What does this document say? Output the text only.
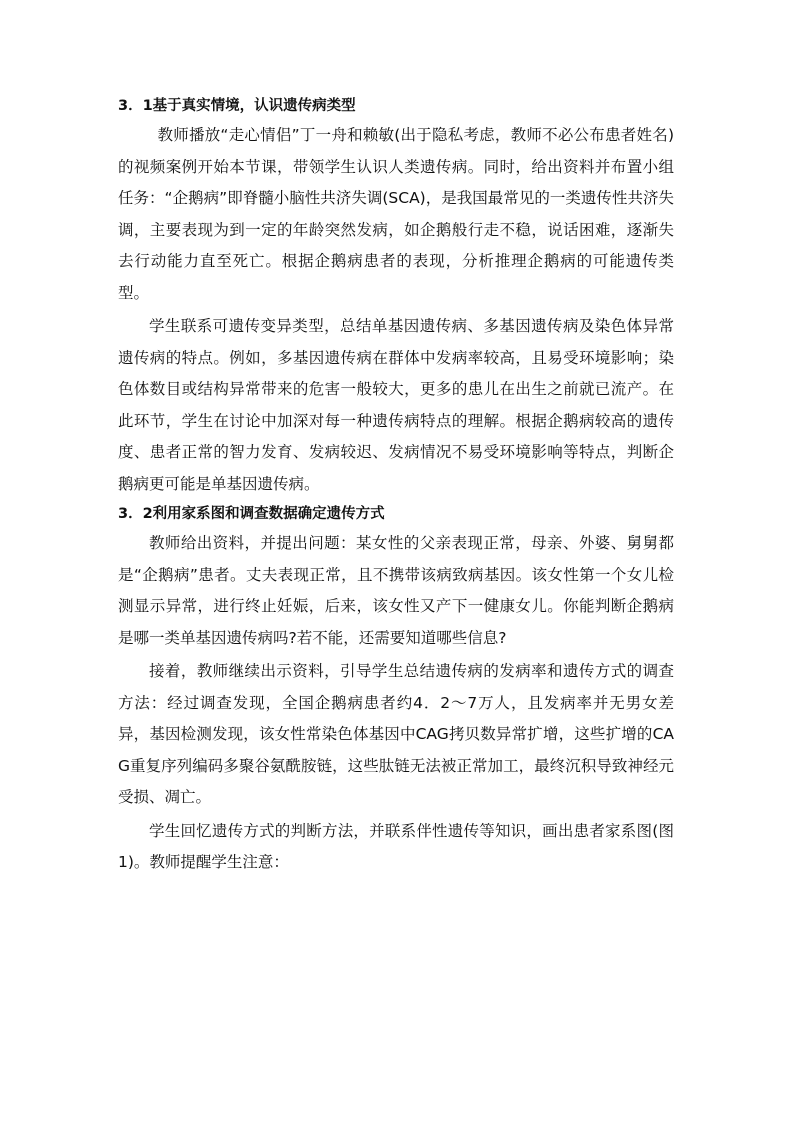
3．1基于真实情境，认识遗传病类型

教师播放“走心情侣”丁一舟和赖敏(出于隐私考虑，教师不必公布患者姓名)的视频案例开始本节课，带领学生认识人类遗传病。同时，给出资料并布置小组任务：“企鹅病”即脊髓小脑性共济失调(SCA)，是我国最常见的一类遗传性共济失调，主要表现为到一定的年龄突然发病，如企鹅般行走不稳，说话困难，逐渐失去行动能力直至死亡。根据企鹅病患者的表现，分析推理企鹅病的可能遗传类型。

学生联系可遗传变异类型，总结单基因遗传病、多基因遗传病及染色体异常遗传病的特点。例如，多基因遗传病在群体中发病率较高，且易受环境影响；染色体数目或结构异常带来的危害一般较大，更多的患儿在出生之前就已流产。在此环节，学生在讨论中加深对每一种遗传病特点的理解。根据企鹅病较高的遗传度、患者正常的智力发育、发病较迟、发病情况不易受环境影响等特点，判断企鹅病更可能是单基因遗传病。

3．2利用家系图和调查数据确定遗传方式

教师给出资料，并提出问题：某女性的父亲表现正常，母亲、外婆、舅舅都是“企鹅病”患者。丈夫表现正常，且不携带该病致病基因。该女性第一个女儿检测显示异常，进行终止妊娠，后来，该女性又产下一健康女儿。你能判断企鹅病是哪一类单基因遗传病吗?若不能，还需要知道哪些信息?

接着，教师继续出示资料，引导学生总结遗传病的发病率和遗传方式的调查方法：经过调查发现，全国企鹅病患者约4．2～7万人，且发病率并无男女差异，基因检测发现，该女性常染色体基因中CAG拷贝数异常扩增，这些扩增的CAG重复序列编码多聚谷氨酰胺链，这些肽链无法被正常加工，最终沉积导致神经元受损、凋亡。

学生回忆遗传方式的判断方法，并联系伴性遗传等知识，画出患者家系图(图1)。教师提醒学生注意：
